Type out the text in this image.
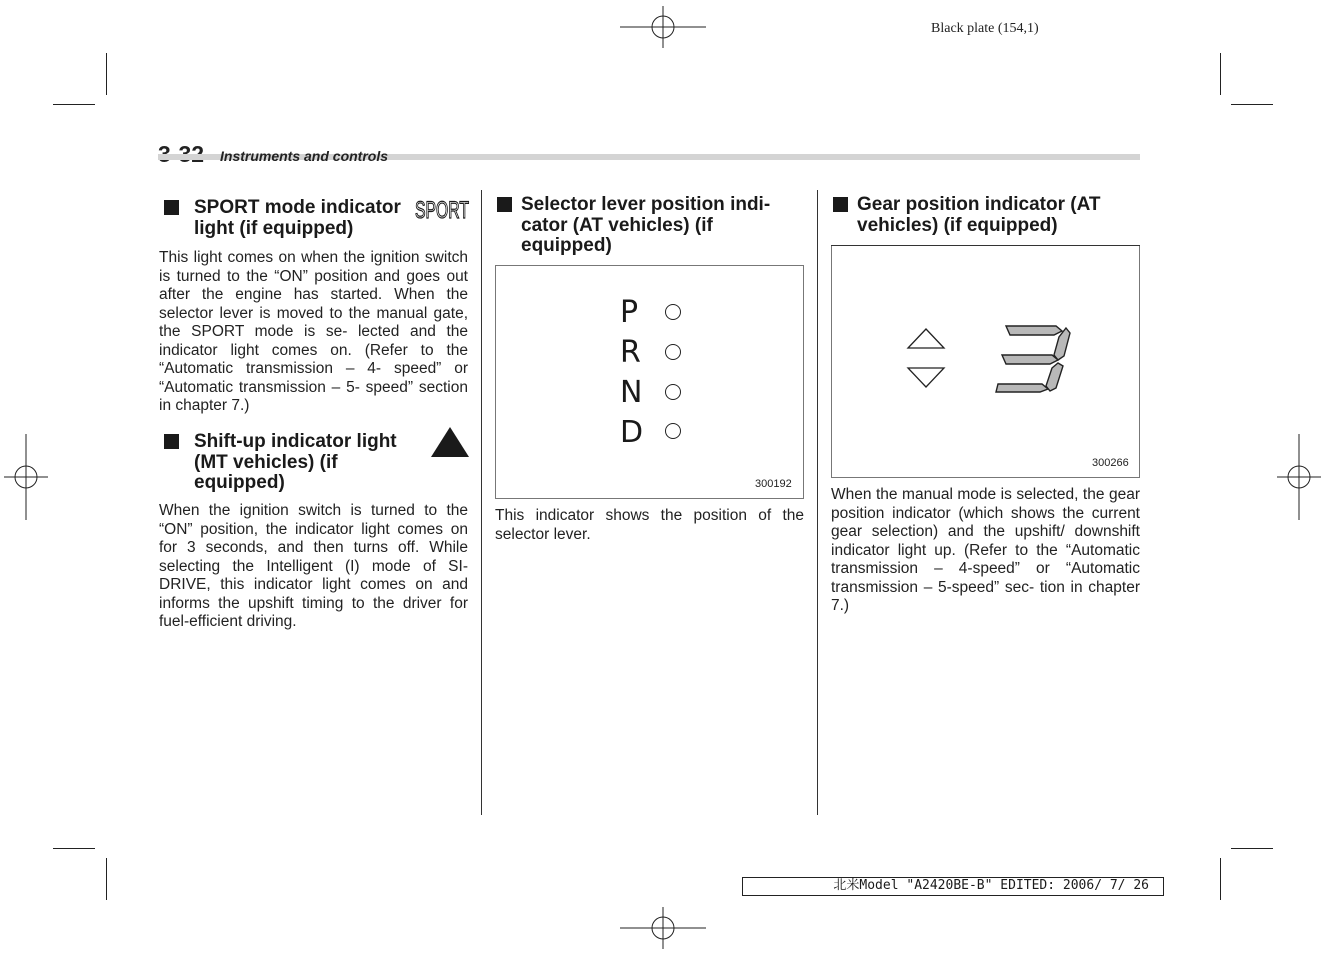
Black plate (154,1)
Instruments and controls
SPORT mode indicator
light (if equipped)
SPORT
This light comes on when the ignition switch is turned to the “ON” position and goes out after the engine has started. When the selector lever is moved to the manual gate, the SPORT mode is se- lected and the indicator light comes on. (Refer to the “Automatic transmission – 4- speed” or “Automatic transmission – 5- speed” section in chapter 7.)
Shift-up indicator light
(MT vehicles) (if
equipped)
When the ignition switch is turned to the “ON” position, the indicator light comes on for 3 seconds, and then turns off. While selecting the Intelligent (I) mode of SI- DRIVE, this indicator light comes on and informs the upshift timing to the driver for fuel-efficient driving.
Selector lever position indi-
cator (AT vehicles) (if
equipped)
P
R
N
D
300192
This indicator shows the position of the selector lever.
Gear position indicator (AT
vehicles) (if equipped)
300266
When the manual mode is selected, the gear position indicator (which shows the current gear selection) and the upshift/ downshift indicator light up. (Refer to the “Automatic transmission – 4-speed” or “Automatic transmission – 5-speed” sec- tion in chapter 7.)
北米Model "A2420BE-B" EDITED: 2006/ 7/ 26
